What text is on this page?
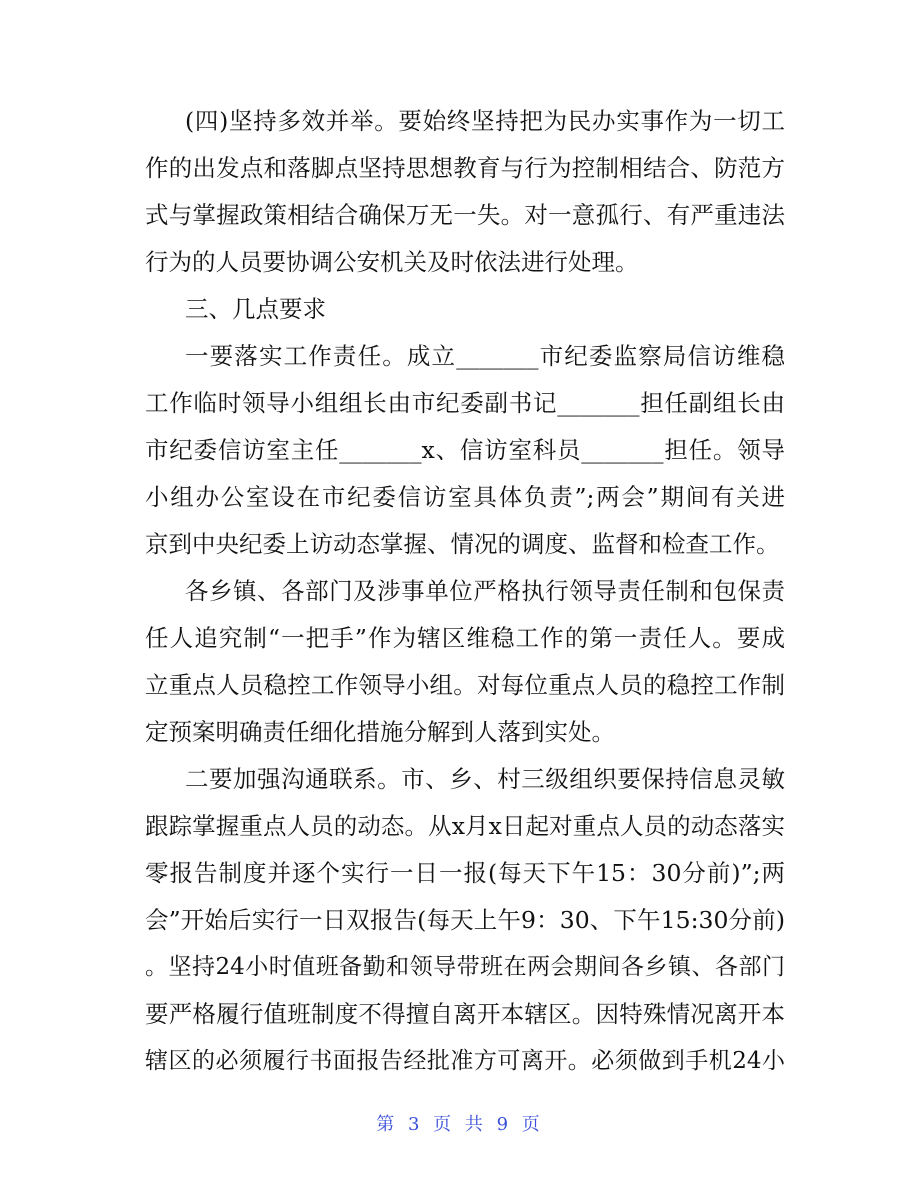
(四)坚持多效并举。要始终坚持把为民办实事作为一切工
作的出发点和落脚点坚持思想教育与行为控制相结合、防范方
式与掌握政策相结合确保万无一失。对一意孤行、有严重违法
行为的人员要协调公安机关及时依法进行处理。
三、几点要求
一要落实工作责任。成立_______市纪委监察局信访维稳
工作临时领导小组组长由市纪委副书记_______担任副组长由
市纪委信访室主任_______x、信访室科员_______担任。领导
小组办公室设在市纪委信访室具体负责”;两会”期间有关进
京到中央纪委上访动态掌握、情况的调度、监督和检查工作。
各乡镇、各部门及涉事单位严格执行领导责任制和包保责
任人追究制“一把手”作为辖区维稳工作的第一责任人。要成
立重点人员稳控工作领导小组。对每位重点人员的稳控工作制
定预案明确责任细化措施分解到人落到实处。
二要加强沟通联系。市、乡、村三级组织要保持信息灵敏
跟踪掌握重点人员的动态。从x月x日起对重点人员的动态落实
零报告制度并逐个实行一日一报(每天下午15：30分前)”;两
会”开始后实行一日双报告(每天上午9：30、下午15:30分前)
。坚持24小时值班备勤和领导带班在两会期间各乡镇、各部门
要严格履行值班制度不得擅自离开本辖区。因特殊情况离开本
辖区的必须履行书面报告经批准方可离开。必须做到手机24小
第 3 页 共 9 页
